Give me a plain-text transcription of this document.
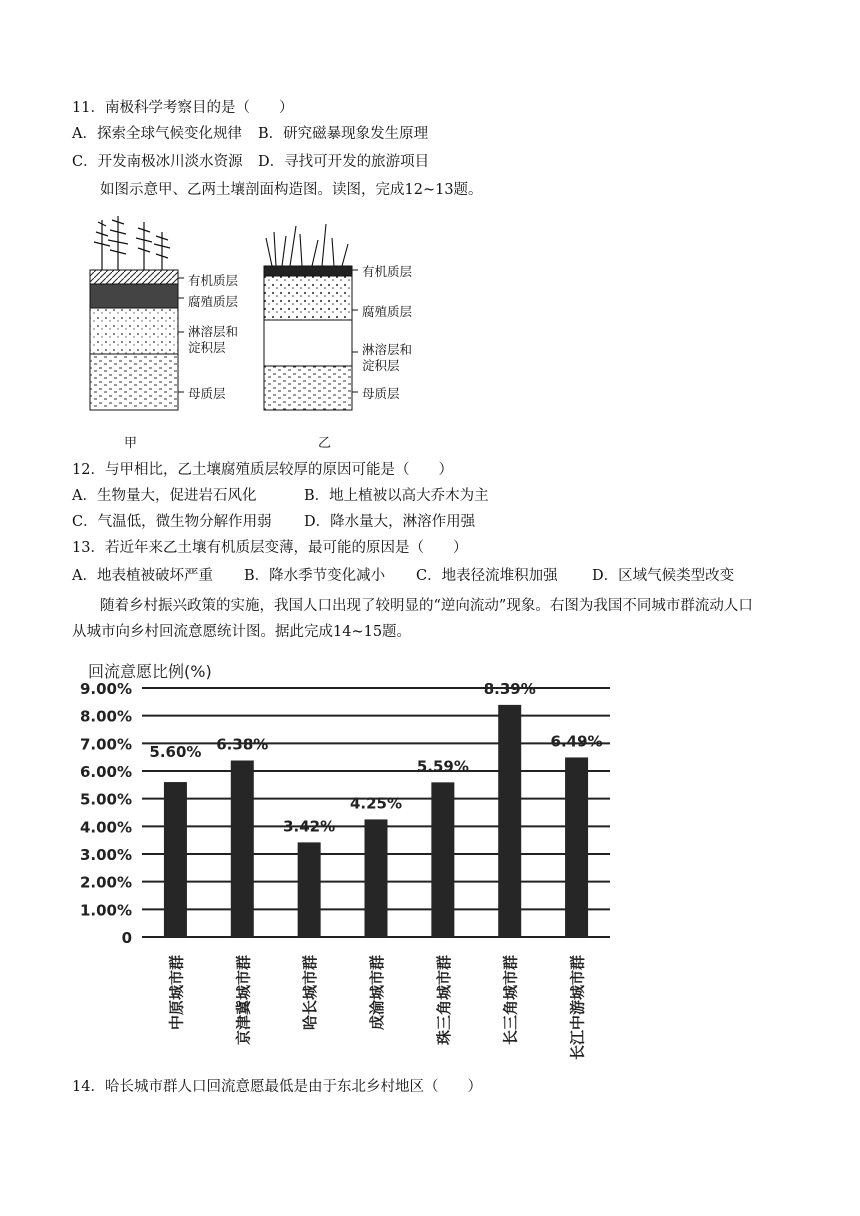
11．南极科学考察目的是（　　）
A．探索全球气候变化规律 B．研究磁暴现象发生原理
C．开发南极冰川淡水资源 D．寻找可开发的旅游项目
如图示意甲、乙两土壤剖面构造图。读图，完成12~13题。
有机质层
腐殖质层
淋溶层和
淀积层
母质层
甲
有机质层
腐殖质层
淋溶层和
淀积层
母质层
乙
12．与甲相比，乙土壤腐殖质层较厚的原因可能是（　　）
A．生物量大，促进岩石风化	B．地上植被以高大乔木为主
C．气温低，微生物分解作用弱 D．降水量大，淋溶作用强
13．若近年来乙土壤有机质层变薄，最可能的原因是（　　）
A．地表植被破坏严重 B．降水季节变化减小 C．地表径流堆积加强 D．区域气候类型改变
随着乡村振兴政策的实施，我国人口出现了较明显的“逆向流动”现象。右图为我国不同城市群流动人口
从城市向乡村回流意愿统计图。据此完成14~15题。
回流意愿比例(%)
0
1.00%
2.00%
3.00%
4.00%
5.00%
6.00%
7.00%
8.00%
9.00%
5.60% 6.38%
3.42%
4.25%
5.59%
8.39%
6.49%
中原城市群	京津冀城市群	哈长城市群	成渝城市群	珠三角城市群	长三角城市群	长江中游城市群
14．哈长城市群人口回流意愿最低是由于东北乡村地区（　　）
